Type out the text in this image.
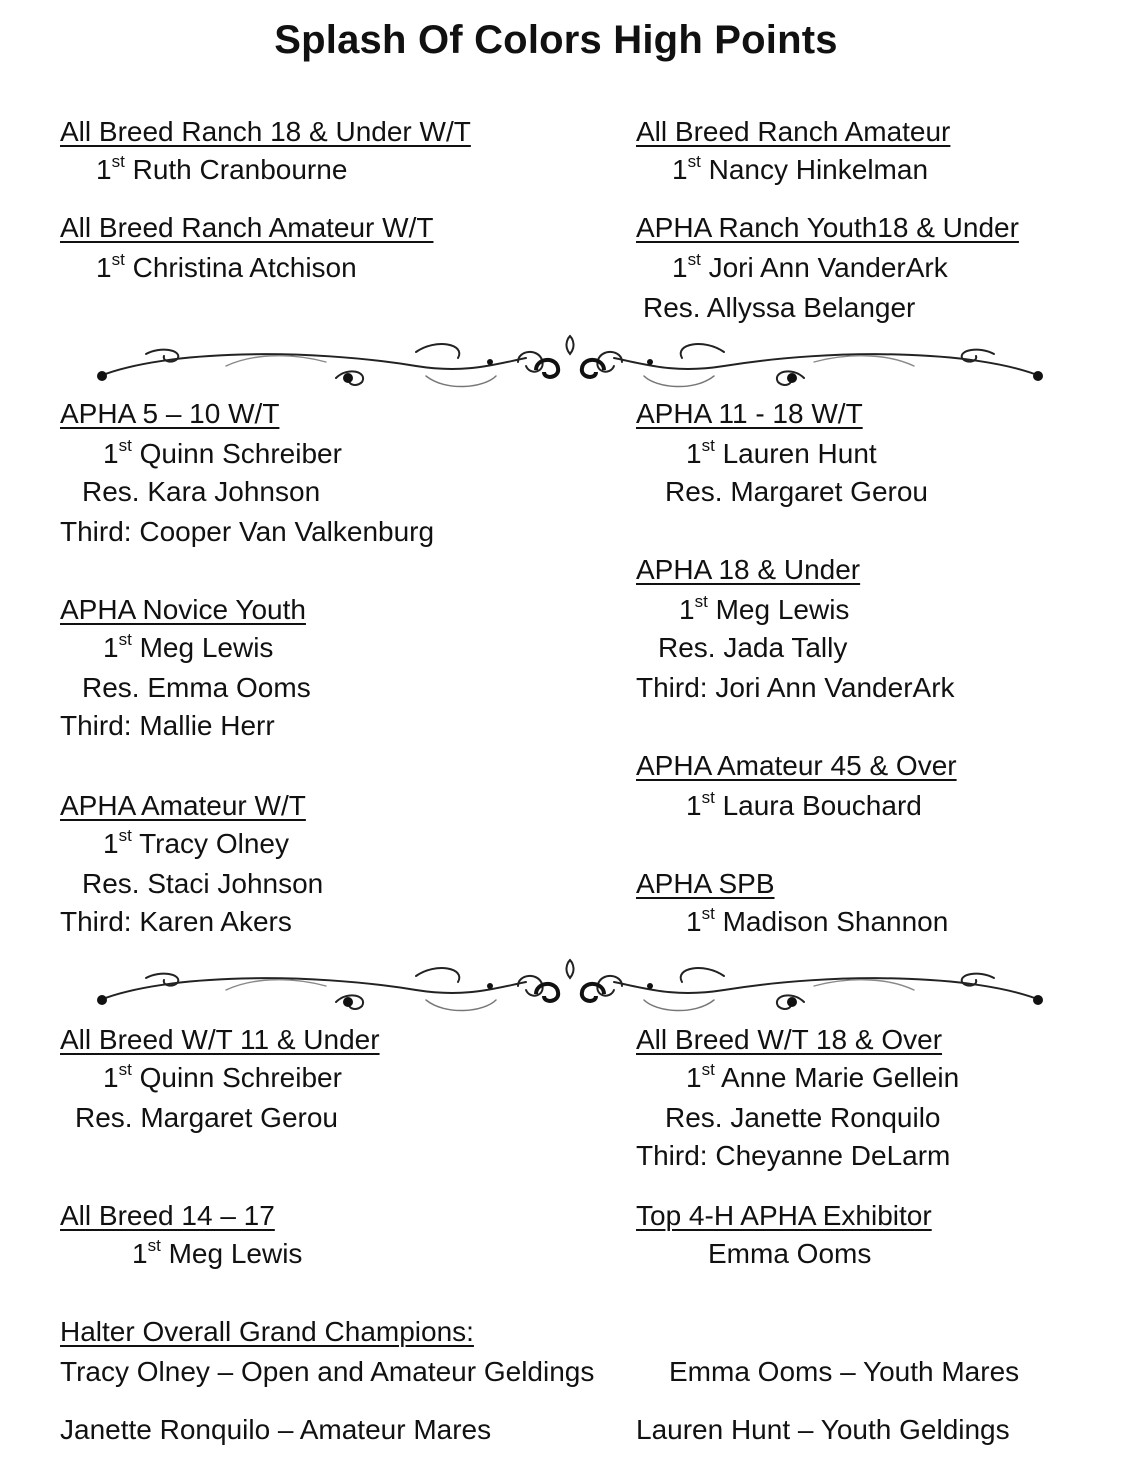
Splash Of Colors High Points
All Breed Ranch 18 & Under W/T
1st Ruth Cranbourne
All Breed Ranch Amateur
1st Nancy Hinkelman
All Breed Ranch Amateur W/T
1st Christina Atchison
APHA Ranch Youth18 & Under
1st Jori Ann VanderArk
Res. Allyssa Belanger
APHA 5 – 10 W/T
1st Quinn Schreiber
Res. Kara Johnson
Third: Cooper Van Valkenburg
APHA 11 - 18 W/T
1st Lauren Hunt
Res. Margaret Gerou
APHA 18 & Under
1st Meg Lewis
Res. Jada Tally
Third: Jori Ann VanderArk
APHA Novice Youth
1st Meg Lewis
Res. Emma Ooms
Third: Mallie Herr
APHA Amateur 45 & Over
1st Laura Bouchard
APHA Amateur W/T
1st Tracy Olney
Res. Staci Johnson
Third: Karen Akers
APHA SPB
1st Madison Shannon
All Breed W/T 11 & Under
1st Quinn Schreiber
Res. Margaret Gerou
All Breed W/T 18 & Over
1st Anne Marie Gellein
Res. Janette Ronquilo
Third: Cheyanne DeLarm
All Breed 14 – 17
1st Meg Lewis
Top 4-H APHA Exhibitor
Emma Ooms
Halter Overall Grand Champions:
Tracy Olney – Open and Amateur Geldings	Emma Ooms – Youth Mares
Janette Ronquilo – Amateur Mares	Lauren Hunt – Youth Geldings
